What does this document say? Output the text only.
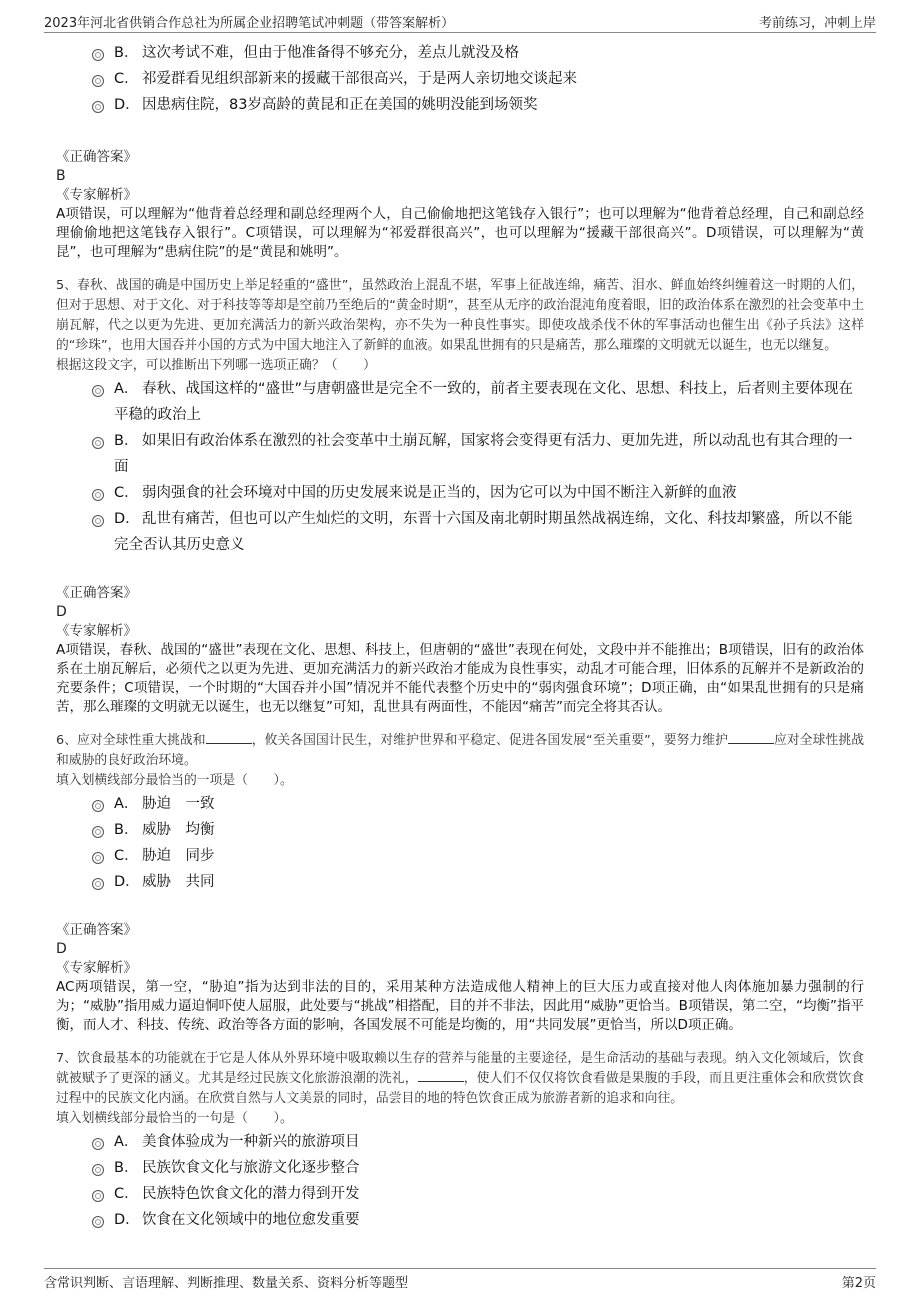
2023年河北省供销合作总社为所属企业招聘笔试冲刺题（带答案解析）	考前练习，冲刺上岸
B． 这次考试不难，但由于他准备得不够充分，差点儿就没及格
C． 祁爱群看见组织部新来的援藏干部很高兴，于是两人亲切地交谈起来
D． 因患病住院，83岁高龄的黄昆和正在美国的姚明没能到场领奖
《正确答案》
B
《专家解析》
A项错误，可以理解为“他背着总经理和副总经理两个人，自己偷偷地把这笔钱存入银行”；也可以理解为“他背着总经理，自己和副总经理偷偷地把这笔钱存入银行”。C项错误，可以理解为“祁爱群很高兴”，也可以理解为“援藏干部很高兴”。D项错误，可以理解为“黄昆”，也可理解为“患病住院”的是“黄昆和姚明”。
5、春秋、战国的确是中国历史上举足轻重的“盛世”，虽然政治上混乱不堪，军事上征战连绵，痛苦、泪水、鲜血始终纠缠着这一时期的人们，但对于思想、对于文化、对于科技等等却是空前乃至绝后的“黄金时期”，甚至从无序的政治混沌角度着眼，旧的政治体系在激烈的社会变革中土崩瓦解，代之以更为先进、更加充满活力的新兴政治架构，亦不失为一种良性事实。即使攻战杀伐不休的军事活动也催生出《孙子兵法》这样的“珍珠”，也用大国吞并小国的方式为中国大地注入了新鲜的血液。如果乱世拥有的只是痛苦，那么璀璨的文明就无以诞生，也无以继复。
根据这段文字，可以推断出下列哪一选项正确？（　　）
A． 春秋、战国这样的“盛世”与唐朝盛世是完全不一致的，前者主要表现在文化、思想、科技上，后者则主要体现在平稳的政治上
B． 如果旧有政治体系在激烈的社会变革中土崩瓦解，国家将会变得更有活力、更加先进，所以动乱也有其合理的一面
C． 弱肉强食的社会环境对中国的历史发展来说是正当的，因为它可以为中国不断注入新鲜的血液
D． 乱世有痛苦，但也可以产生灿烂的文明，东晋十六国及南北朝时期虽然战祸连绵，文化、科技却繁盛，所以不能完全否认其历史意义
《正确答案》
D
《专家解析》
A项错误，春秋、战国的“盛世”表现在文化、思想、科技上，但唐朝的“盛世”表现在何处，文段中并不能推出；B项错误，旧有的政治体系在土崩瓦解后，必须代之以更为先进、更加充满活力的新兴政治才能成为良性事实，动乱才可能合理，旧体系的瓦解并不是新政治的充要条件；C项错误，一个时期的“大国吞并小国”情况并不能代表整个历史中的“弱肉强食环境”；D项正确，由“如果乱世拥有的只是痛苦，那么璀璨的文明就无以诞生，也无以继复”可知，乱世具有两面性，不能因“痛苦”而完全将其否认。
6、应对全球性重大挑战和	，攸关各国国计民生，对维护世界和平稳定、促进各国发展“至关重要”，要努力维护	应对全球性挑战和威胁的良好政治环境。
填入划横线部分最恰当的一项是（　　）。
A． 胁迫　一致
B． 威胁　均衡
C． 胁迫　同步
D． 威胁　共同
《正确答案》
D
《专家解析》
AC两项错误，第一空，“胁迫”指为达到非法的目的，采用某种方法造成他人精神上的巨大压力或直接对他人肉体施加暴力强制的行为；“威胁”指用威力逼迫恫吓使人屈服，此处要与“挑战”相搭配，目的并不非法，因此用“威胁”更恰当。B项错误，第二空，“均衡”指平衡，而人才、科技、传统、政治等各方面的影响，各国发展不可能是均衡的，用“共同发展”更恰当，所以D项正确。
7、饮食最基本的功能就在于它是人体从外界环境中吸取赖以生存的营养与能量的主要途径，是生命活动的基础与表现。纳入文化领域后，饮食就被赋予了更深的涵义。尤其是经过民族文化旅游浪潮的洗礼，	，使人们不仅仅将饮食看做是果腹的手段，而且更注重体会和欣赏饮食过程中的民族文化内涵。在欣赏自然与人文美景的同时，品尝目的地的特色饮食正成为旅游者新的追求和向往。
填入划横线部分最恰当的一句是（　　）。
A． 美食体验成为一种新兴的旅游项目
B． 民族饮食文化与旅游文化逐步整合
C． 民族特色饮食文化的潜力得到开发
D． 饮食在文化领域中的地位愈发重要
含常识判断、言语理解、判断推理、数量关系、资料分析等题型	第2页
